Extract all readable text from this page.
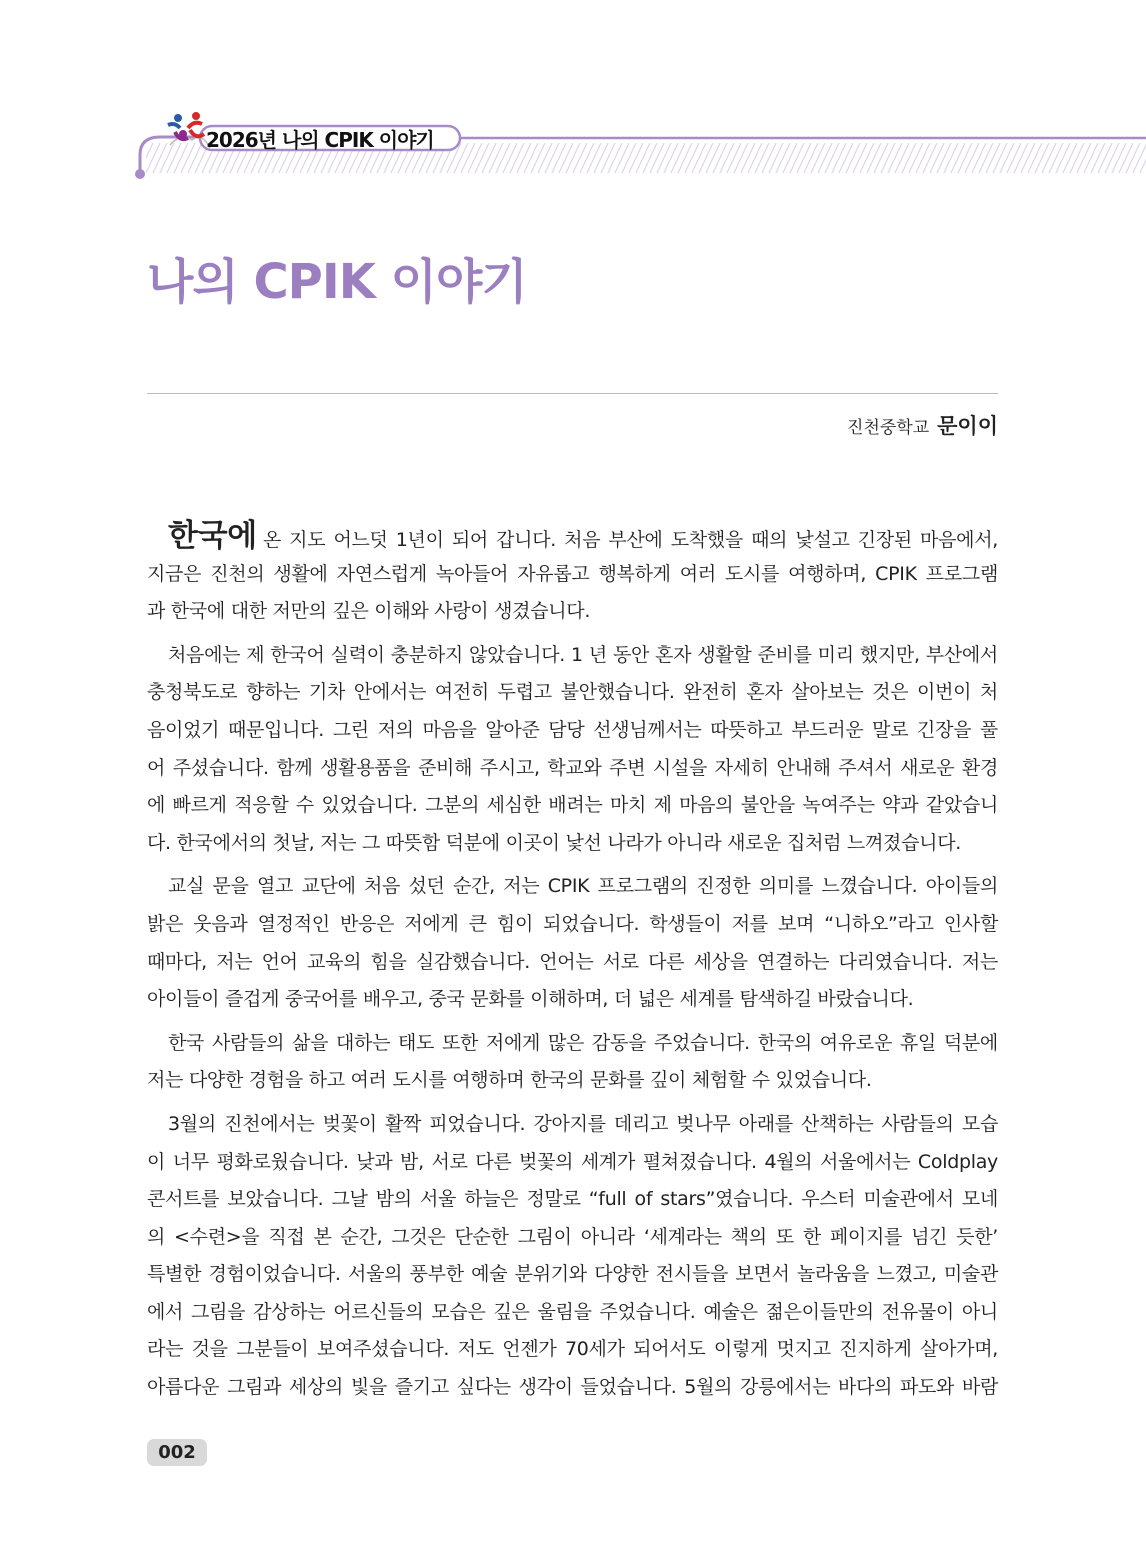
2026년 나의 CPIK 이야기
나의 CPIK 이야기
진천중학교 문이이
한국에 온 지도 어느덧 1년이 되어 갑니다. 처음 부산에 도착했을 때의 낯설고 긴장된 마음에서,
지금은 진천의 생활에 자연스럽게 녹아들어 자유롭고 행복하게 여러 도시를 여행하며, CPIK 프로그램
과 한국에 대한 저만의 깊은 이해와 사랑이 생겼습니다.
처음에는 제 한국어 실력이 충분하지 않았습니다. 1 년 동안 혼자 생활할 준비를 미리 했지만, 부산에서
충청북도로 향하는 기차 안에서는 여전히 두렵고 불안했습니다. 완전히 혼자 살아보는 것은 이번이 처
음이었기 때문입니다. 그린 저의 마음을 알아준 담당 선생님께서는 따뜻하고 부드러운 말로 긴장을 풀
어 주셨습니다. 함께 생활용품을 준비해 주시고, 학교와 주변 시설을 자세히 안내해 주셔서 새로운 환경
에 빠르게 적응할 수 있었습니다. 그분의 세심한 배려는 마치 제 마음의 불안을 녹여주는 약과 같았습니
다. 한국에서의 첫날, 저는 그 따뜻함 덕분에 이곳이 낯선 나라가 아니라 새로운 집처럼 느껴졌습니다.
교실 문을 열고 교단에 처음 섰던 순간, 저는 CPIK 프로그램의 진정한 의미를 느꼈습니다. 아이들의
밝은 웃음과 열정적인 반응은 저에게 큰 힘이 되었습니다. 학생들이 저를 보며 “니하오”라고 인사할
때마다, 저는 언어 교육의 힘을 실감했습니다. 언어는 서로 다른 세상을 연결하는 다리였습니다. 저는
아이들이 즐겁게 중국어를 배우고, 중국 문화를 이해하며, 더 넓은 세계를 탐색하길 바랐습니다.
한국 사람들의 삶을 대하는 태도 또한 저에게 많은 감동을 주었습니다. 한국의 여유로운 휴일 덕분에
저는 다양한 경험을 하고 여러 도시를 여행하며 한국의 문화를 깊이 체험할 수 있었습니다.
3월의 진천에서는 벚꽃이 활짝 피었습니다. 강아지를 데리고 벚나무 아래를 산책하는 사람들의 모습
이 너무 평화로웠습니다. 낮과 밤, 서로 다른 벚꽃의 세계가 펼쳐졌습니다. 4월의 서울에서는 Coldplay
콘서트를 보았습니다. 그날 밤의 서울 하늘은 정말로 “full of stars”였습니다. 우스터 미술관에서 모네
의 <수련>을 직접 본 순간, 그것은 단순한 그림이 아니라 ‘세계라는 책의 또 한 페이지를 넘긴 듯한’
특별한 경험이었습니다. 서울의 풍부한 예술 분위기와 다양한 전시들을 보면서 놀라움을 느꼈고, 미술관
에서 그림을 감상하는 어르신들의 모습은 깊은 울림을 주었습니다. 예술은 젊은이들만의 전유물이 아니
라는 것을 그분들이 보여주셨습니다. 저도 언젠가 70세가 되어서도 이렇게 멋지고 진지하게 살아가며,
아름다운 그림과 세상의 빛을 즐기고 싶다는 생각이 들었습니다. 5월의 강릉에서는 바다의 파도와 바람
002
